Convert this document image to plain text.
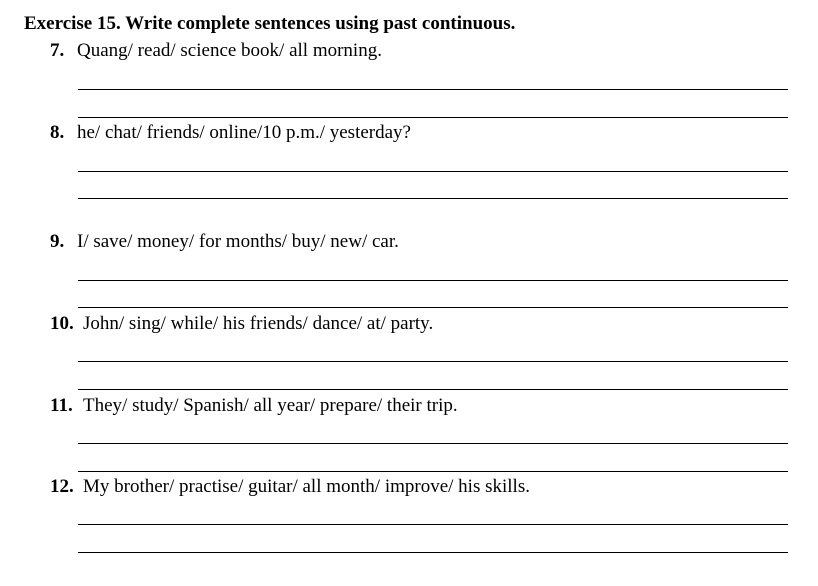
Exercise 15. Write complete sentences using past continuous.
7. Quang/ read/ science book/ all morning.
8. he/ chat/ friends/ online/10 p.m./ yesterday?
9. I/ save/ money/ for months/ buy/ new/ car.
10. John/ sing/ while/ his friends/ dance/ at/ party.
11. They/ study/ Spanish/ all year/ prepare/ their trip.
12. My brother/ practise/ guitar/ all month/ improve/ his skills.
